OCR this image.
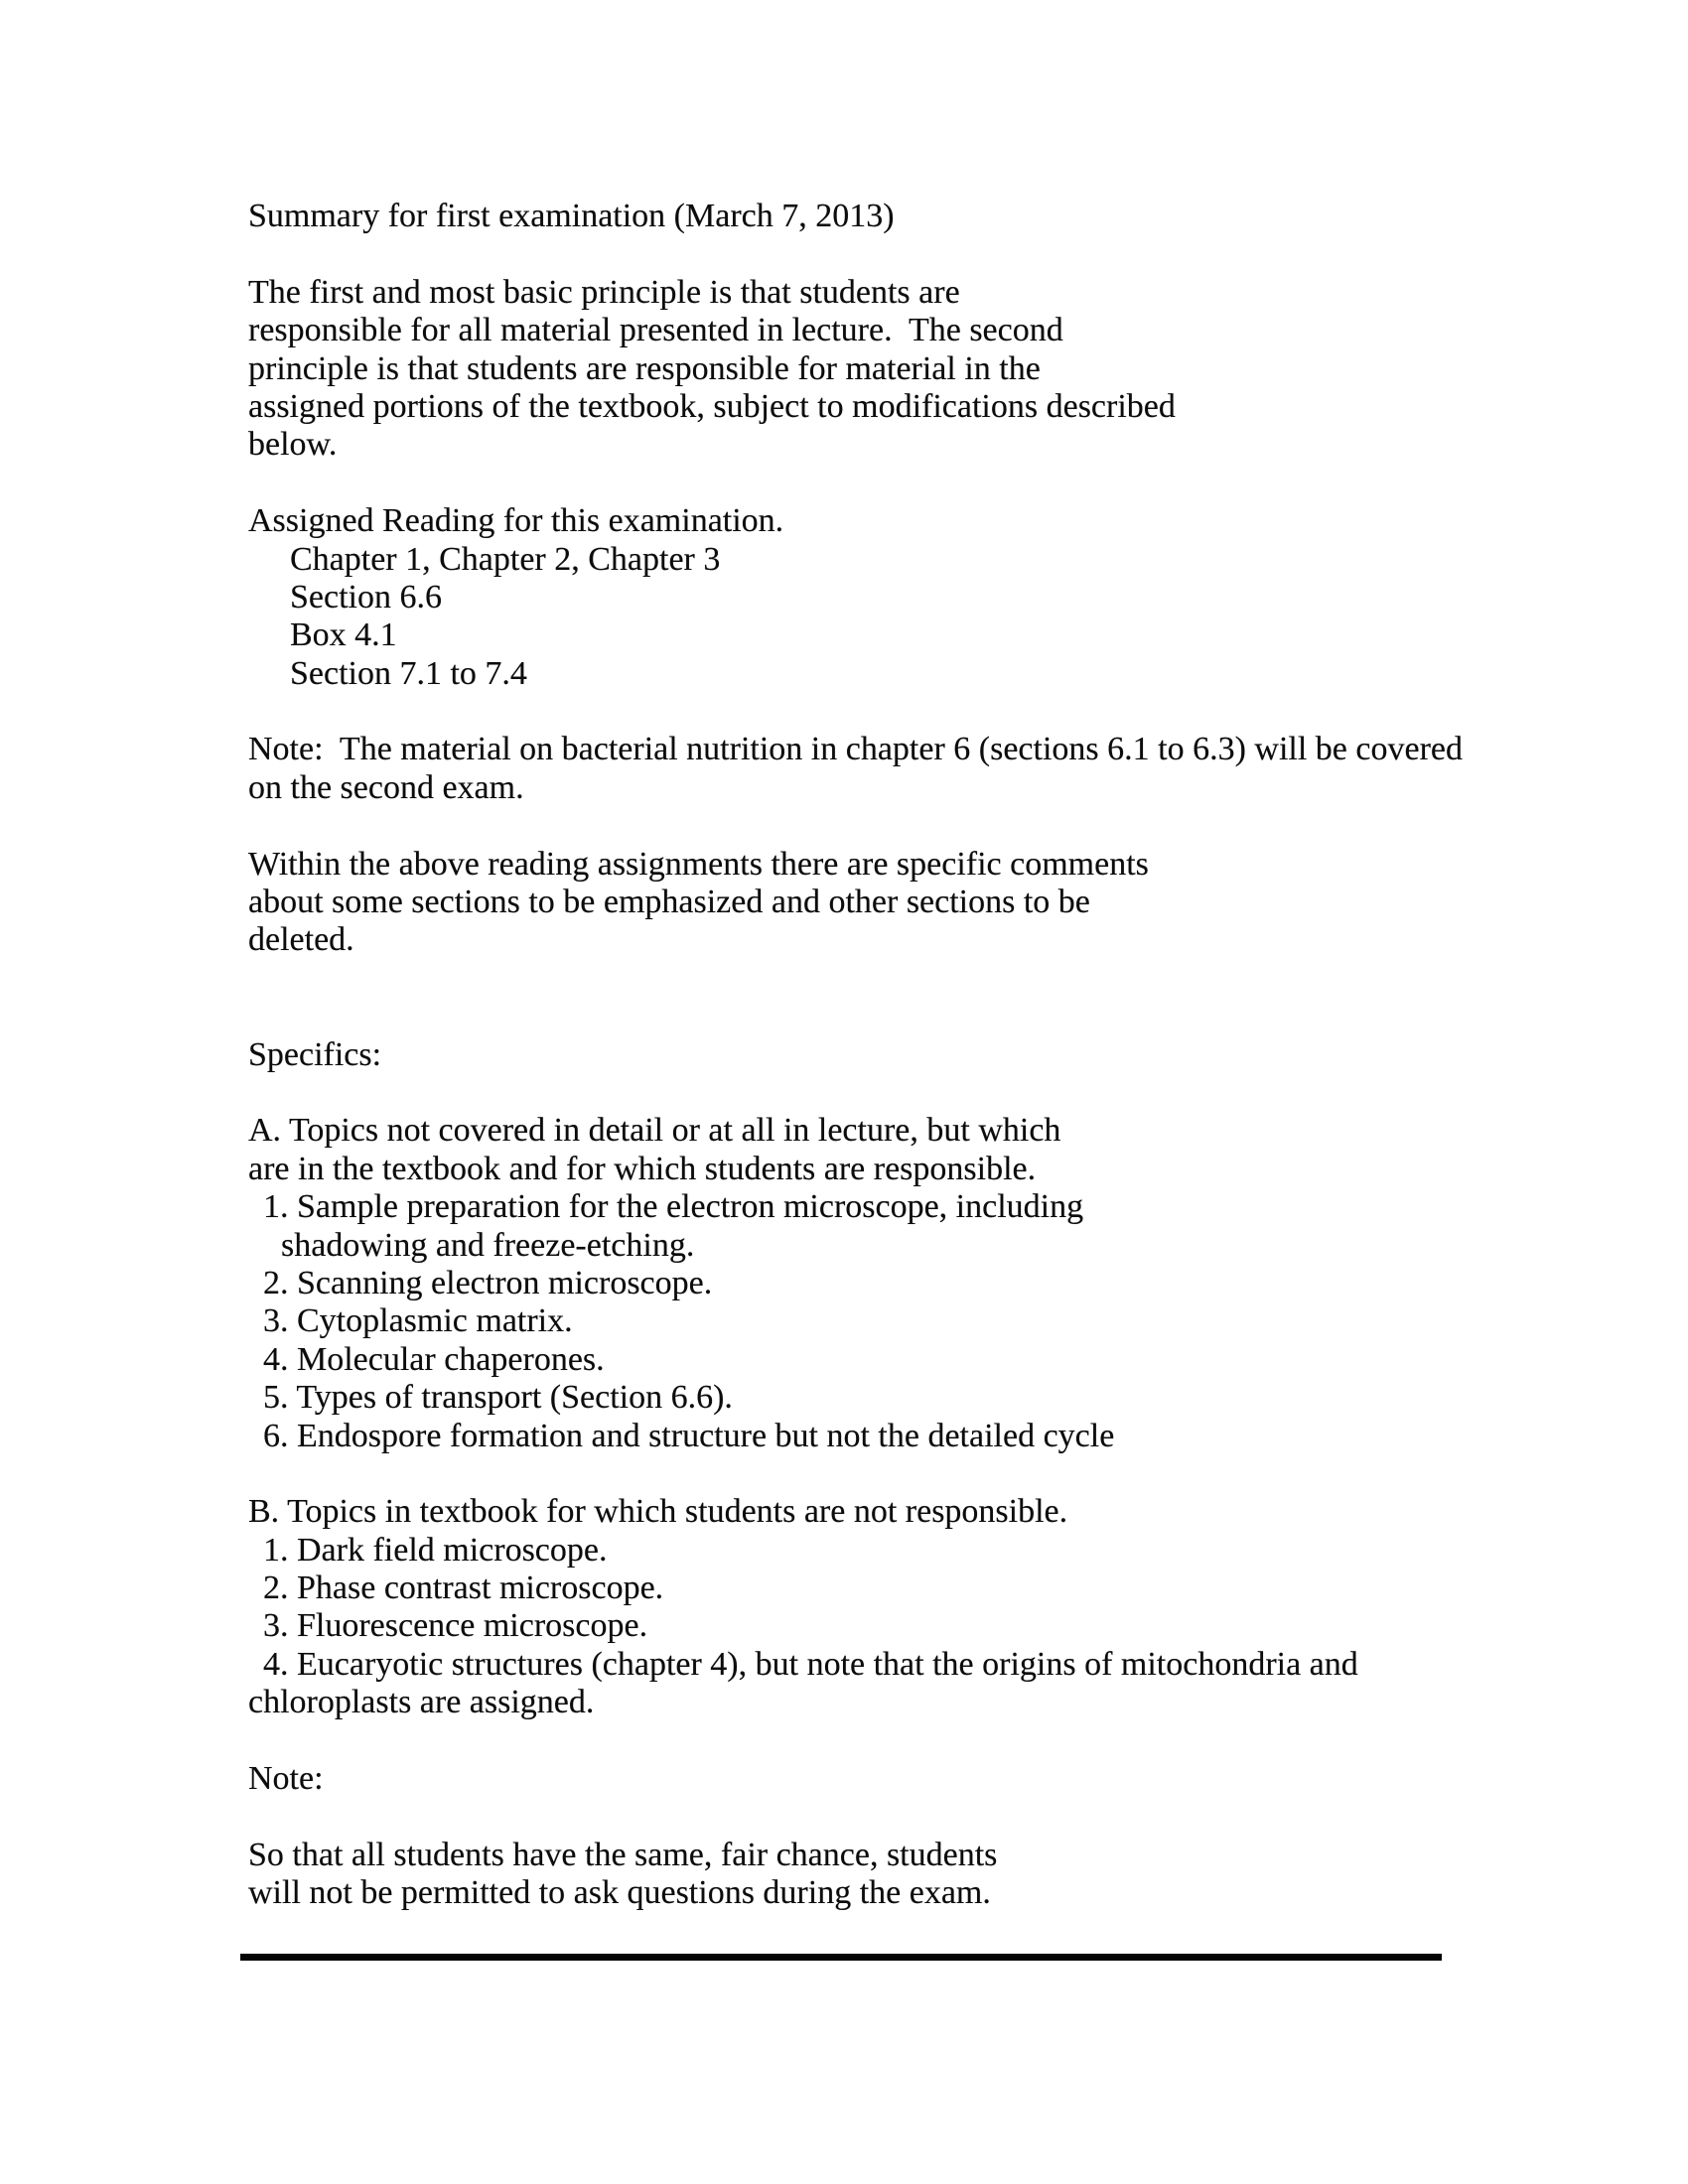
Summary for first examination (March 7, 2013)
The first and most basic principle is that students are
responsible for all material presented in lecture.  The second
principle is that students are responsible for material in the
assigned portions of the textbook, subject to modifications described
below.
Assigned Reading for this examination.
Chapter 1, Chapter 2, Chapter 3
Section 6.6
Box 4.1
Section 7.1 to 7.4
Note:  The material on bacterial nutrition in chapter 6 (sections 6.1 to 6.3) will be covered
on the second exam.
Within the above reading assignments there are specific comments
about some sections to be emphasized and other sections to be
deleted.
Specifics:
A. Topics not covered in detail or at all in lecture, but which
are in the textbook and for which students are responsible.
1. Sample preparation for the electron microscope, including
shadowing and freeze-etching.
2. Scanning electron microscope.
3. Cytoplasmic matrix.
4. Molecular chaperones.
5. Types of transport (Section 6.6).
6. Endospore formation and structure but not the detailed cycle
B. Topics in textbook for which students are not responsible.
1. Dark field microscope.
2. Phase contrast microscope.
3. Fluorescence microscope.
4. Eucaryotic structures (chapter 4), but note that the origins of mitochondria and
chloroplasts are assigned.
Note:
So that all students have the same, fair chance, students
will not be permitted to ask questions during the exam.
